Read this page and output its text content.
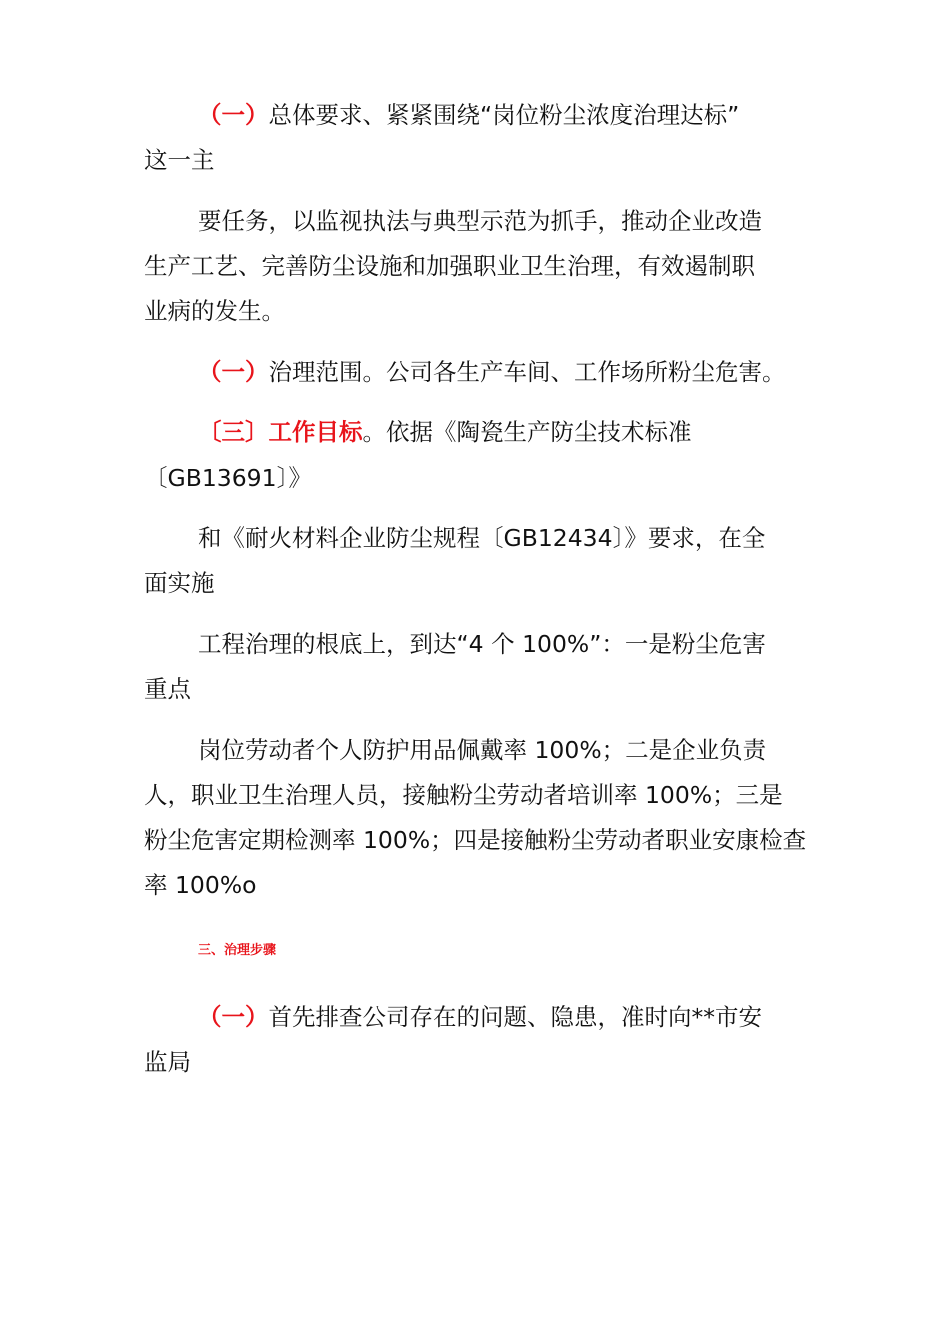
（一）总体要求、紧紧围绕“岗位粉尘浓度治理达标”
这一主
要任务，以监视执法与典型示范为抓手，推动企业改造
生产工艺、完善防尘设施和加强职业卫生治理，有效遏制职
业病的发生。
（一）治理范围。公司各生产车间、工作场所粉尘危害。
〔三〕工作目标。依据《陶瓷生产防尘技术标准
〔GB13691〕》
和《耐火材料企业防尘规程〔GB12434〕》要求，在全
面实施
工程治理的根底上，到达“4 个 100%”：一是粉尘危害
重点
岗位劳动者个人防护用品佩戴率 100%；二是企业负责
人，职业卫生治理人员，接触粉尘劳动者培训率 100%；三是
粉尘危害定期检测率 100%；四是接触粉尘劳动者职业安康检查
率 100%o
三、治理步骤
（一）首先排查公司存在的问题、隐患，准时向**市安
监局
